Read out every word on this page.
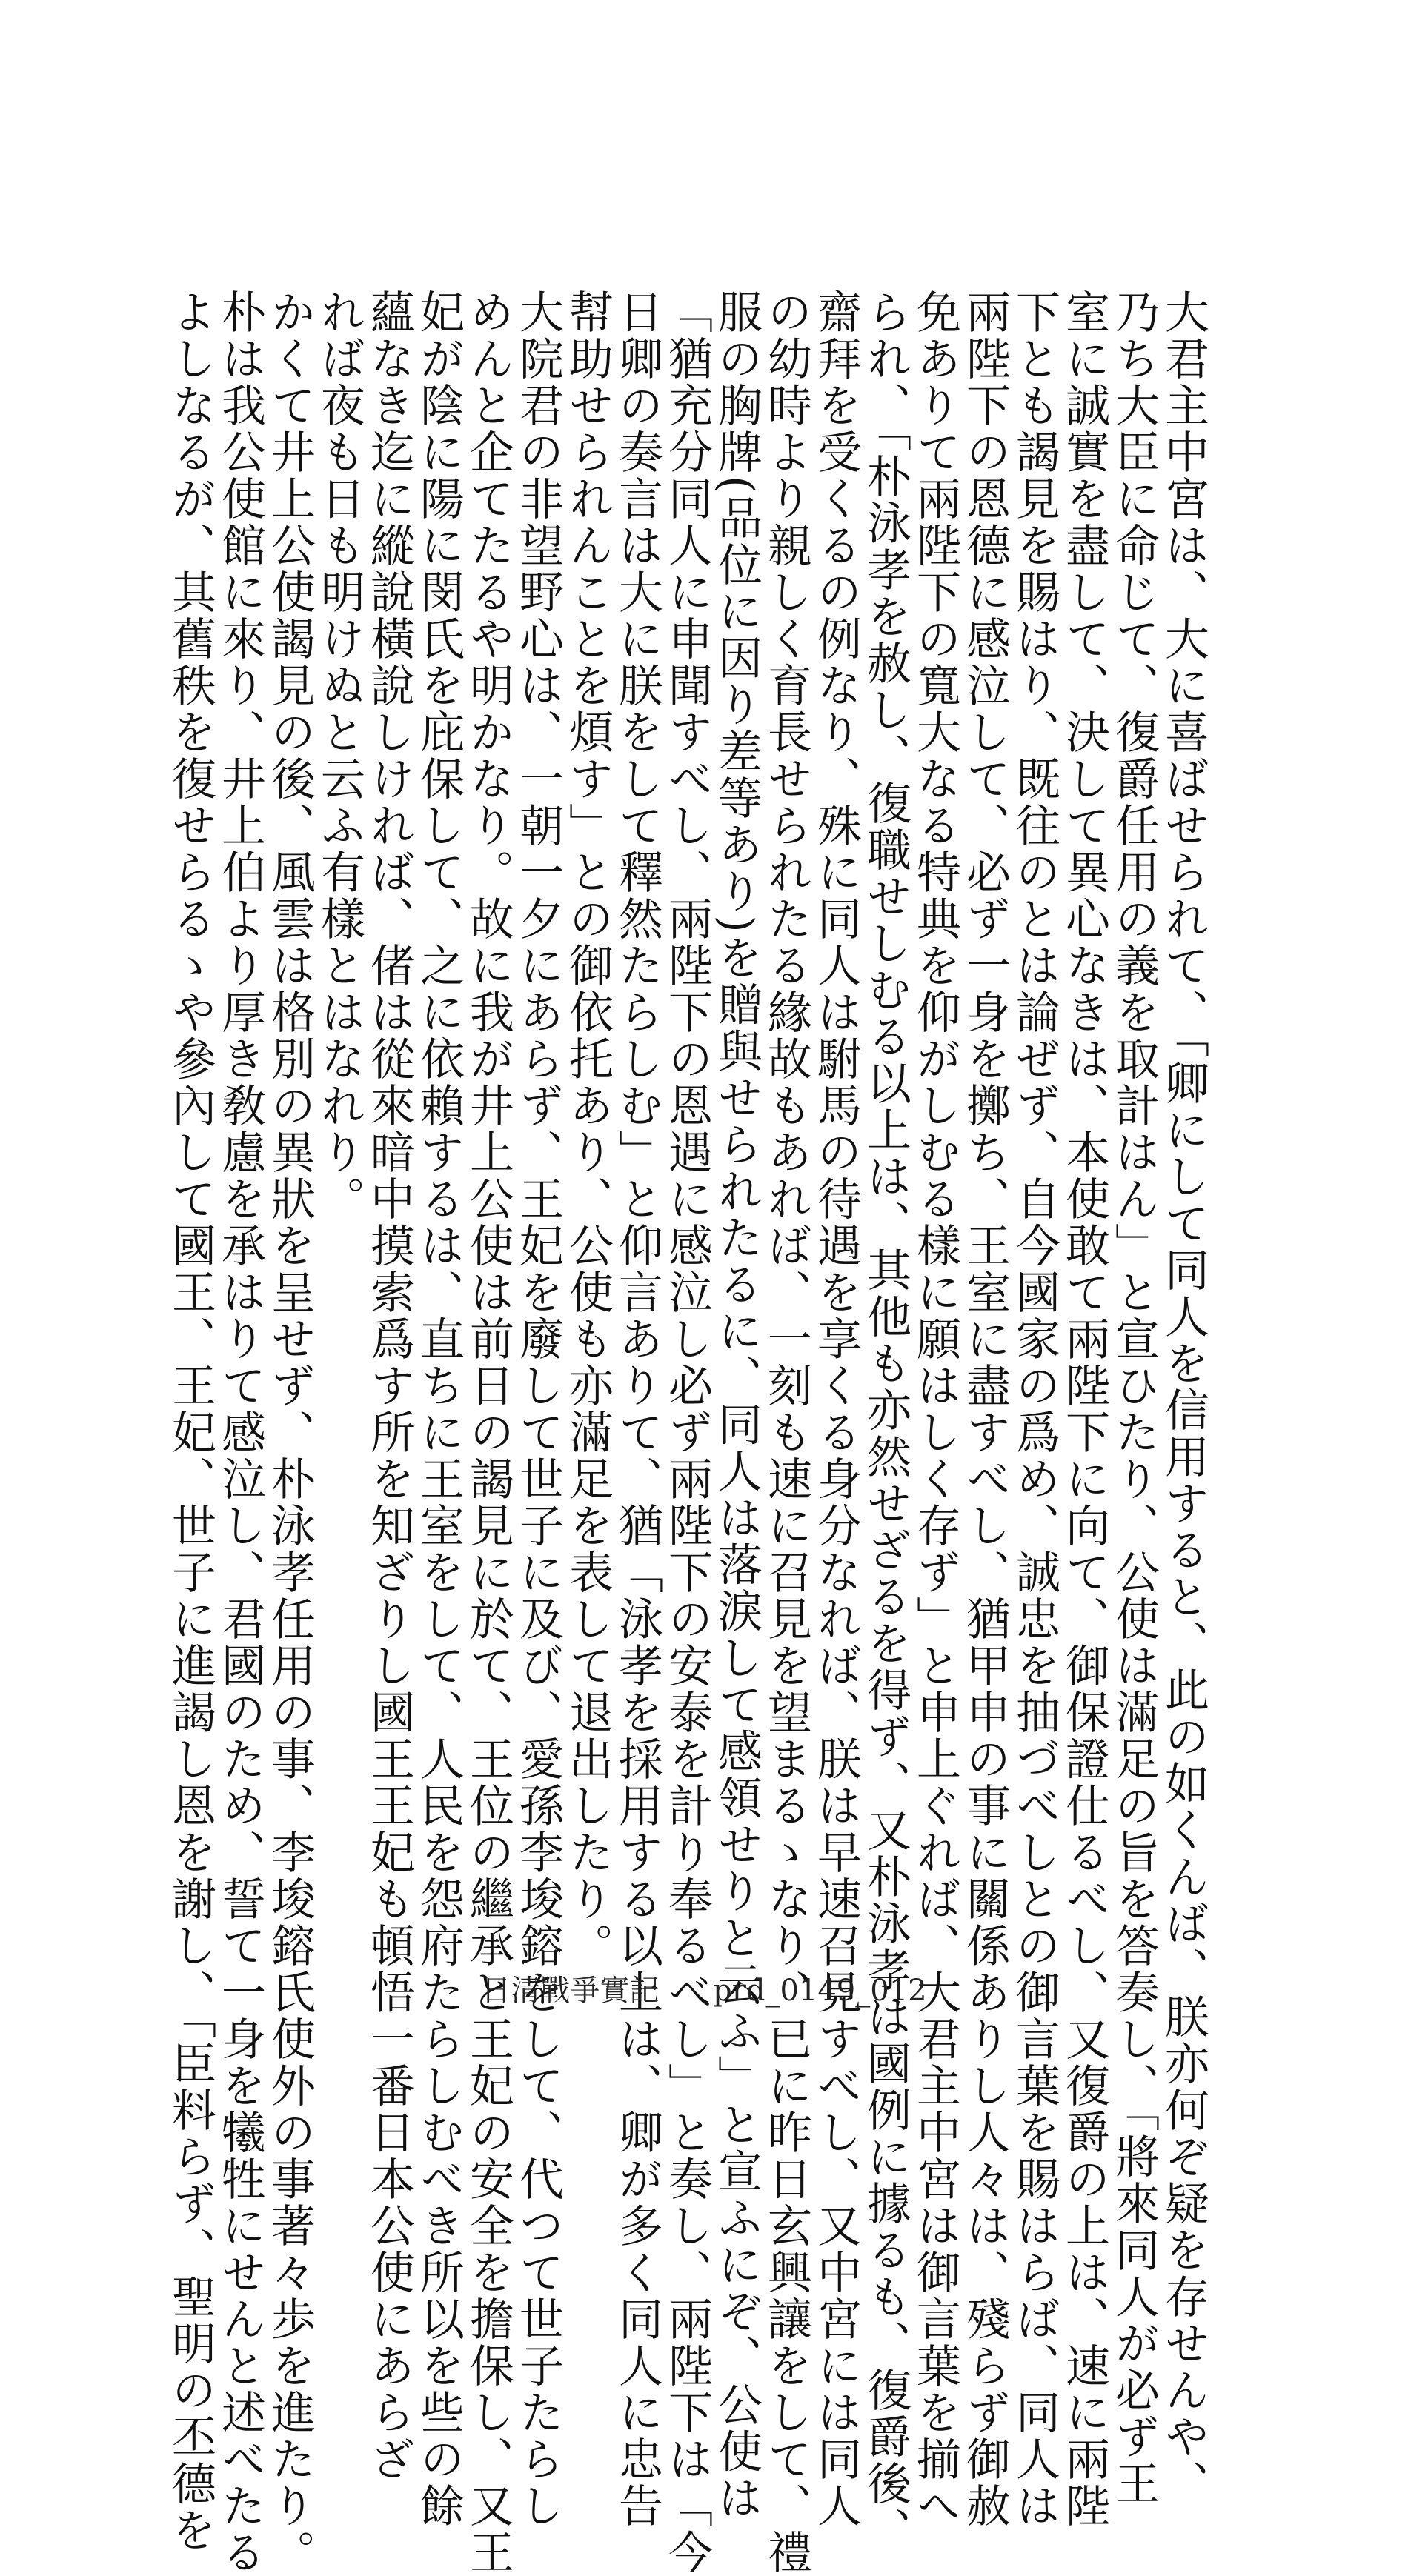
大君主中宮は、大に喜ばせられて、「卿にして同人を信用すると、此の如くんば、朕亦何ぞ疑を存せんや、
乃ち大臣に命じて、復爵任用の義を取計はん」と宣ひたり、公使は滿足の旨を答奏し、「將來同人が必ず王
室に誠實を盡して、決して異心なきは、本使敢て兩陛下に向て、御保證仕るべし、又復爵の上は、速に兩陛
下とも謁見を賜はり、既往のとは論ぜず、自今國家の爲め、誠忠を抽づべしとの御言葉を賜はらば、同人は
兩陛下の恩德に感泣して、必ず一身を擲ち、王室に盡すべし、猶甲申の事に關係ありし人々は、殘らず御赦
免ありて兩陛下の寬大なる特典を仰がしむる樣に願はしく存ず」と申上ぐれば、大君主中宮は御言葉を揃へ
られ、「朴泳孝を赦し、復職せしむる以上は、其他も亦然せざるを得ず、又朴泳孝は國例に據るも、復爵後、
齋拜を受くるの例なり、殊に同人は駙馬の待遇を享くる身分なれば、朕は早速召見すべし、又中宮には同人
の幼時より親しく育長せられたる緣故もあれば、一刻も速に召見を望まるゝなり、已に昨日玄興讓をして、禮
服の胸牌(品位に因り差等あり)を贈與せられたるに、同人は落淚して感領せりと云ふ」と宣ふにぞ、公使は
「猶充分同人に申聞すべし、兩陛下の恩遇に感泣し必ず兩陛下の安泰を計り奉るべし」と奏し、兩陛下は「今
日卿の奏言は大に朕をして釋然たらしむ」と仰言ありて、猶「泳孝を採用する以上は、卿が多く同人に忠告
幇助せられんことを煩す」との御依托あり、公使も亦滿足を表して退出したり。
大院君の非望野心は、一朝一夕にあらず、王妃を廢して世子に及び、愛孫李埈鎔をして、代つて世子たらし
めんと企てたるや明かなり。故に我が井上公使は前日の謁見に於て、王位の繼承と王妃の安全を擔保し、又王
妃が陰に陽に閔氏を庇保して、之に依賴するは、直ちに王室をして、人民を怨府たらしむべき所以を些の餘
蘊なき迄に縱說橫說しければ、偖は從來暗中摸索爲す所を知ざりし國王王妃も頓悟一番日本公使にあらざ
れば夜も日も明けぬと云ふ有樣とはなれり。
かくて井上公使謁見の後、風雲は格別の異狀を呈せず、朴泳孝任用の事、李埈鎔氏使外の事著々歩を進たり。
朴は我公使館に來り、井上伯より厚き敎慮を承はりて感泣し、君國のため、誓て一身を犧牲にせんと述べたる
よしなるが、其舊秩を復せらるゝや參內して國王、王妃、世子に進謁し恩を謝し、「臣料らず、聖明の丕德を	日清戰爭實記 prd_0149_012
